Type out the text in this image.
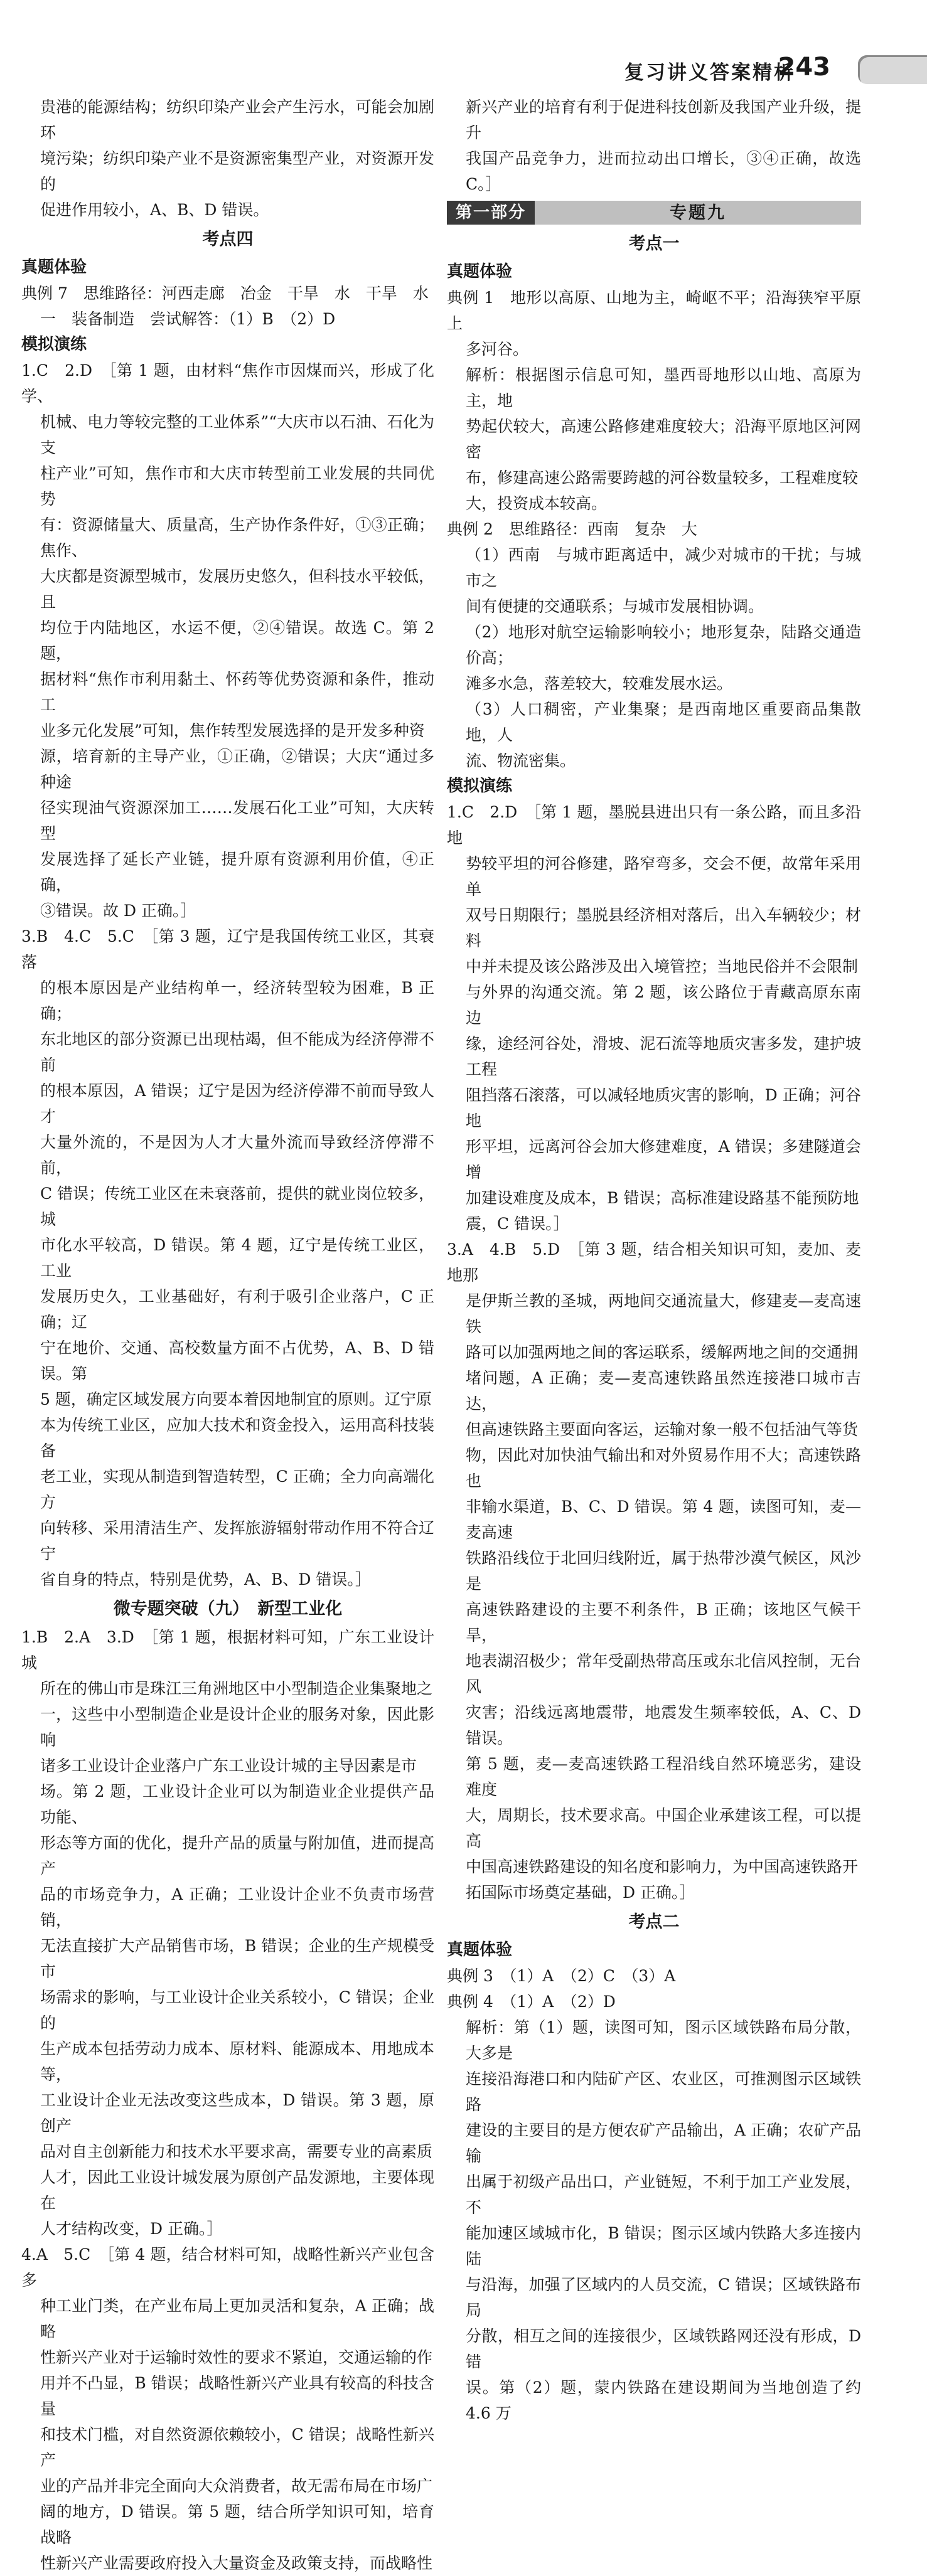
复习讲义答案精析
243

贵港的能源结构；纺织印染产业会产生污水，可能会加剧环

境污染；纺织印染产业不是资源密集型产业，对资源开发的

促进作用较小，A、B、D 错误。

考点四

真题体验

典例 7　思维路径：河西走廊　冶金　干旱　水　干旱　水

一　装备制造　尝试解答：（1）B　（2）D

模拟演练

1.C　2.D　［第 1 题，由材料“焦作市因煤而兴，形成了化学、

机械、电力等较完整的工业体系”“大庆市以石油、石化为支

柱产业”可知，焦作市和大庆市转型前工业发展的共同优势

有：资源储量大、质量高，生产协作条件好，①③正确；焦作、

大庆都是资源型城市，发展历史悠久，但科技水平较低，且

均位于内陆地区，水运不便，②④错误。故选 C。第 2 题，

据材料“焦作市利用黏土、怀药等优势资源和条件，推动工

业多元化发展”可知，焦作转型发展选择的是开发多种资

源，培育新的主导产业，①正确，②错误；大庆“通过多种途

径实现油气资源深加工……发展石化工业”可知，大庆转型

发展选择了延长产业链，提升原有资源利用价值，④正确，

③错误。故 D 正确。］

3.B　4.C　5.C　［第 3 题，辽宁是我国传统工业区，其衰落

的根本原因是产业结构单一，经济转型较为困难，B 正确；

东北地区的部分资源已出现枯竭，但不能成为经济停滞不前

的根本原因，A 错误；辽宁是因为经济停滞不前而导致人才

大量外流的，不是因为人才大量外流而导致经济停滞不前，

C 错误；传统工业区在未衰落前，提供的就业岗位较多，城

市化水平较高，D 错误。第 4 题，辽宁是传统工业区，工业

发展历史久，工业基础好，有利于吸引企业落户，C 正确；辽

宁在地价、交通、高校数量方面不占优势，A、B、D 错误。第

5 题，确定区域发展方向要本着因地制宜的原则。辽宁原

本为传统工业区，应加大技术和资金投入，运用高科技装备

老工业，实现从制造到智造转型，C 正确；全力向高端化方

向转移、采用清洁生产、发挥旅游辐射带动作用不符合辽宁

省自身的特点，特别是优势，A、B、D 错误。］

微专题突破（九）　新型工业化

1.B　2.A　3.D　［第 1 题，根据材料可知，广东工业设计城

所在的佛山市是珠江三角洲地区中小型制造企业集聚地之

一，这些中小型制造企业是设计企业的服务对象，因此影响

诸多工业设计企业落户广东工业设计城的主导因素是市

场。第 2 题，工业设计企业可以为制造业企业提供产品功能、

形态等方面的优化，提升产品的质量与附加值，进而提高产

品的市场竞争力，A 正确；工业设计企业不负责市场营销，

无法直接扩大产品销售市场，B 错误；企业的生产规模受市

场需求的影响，与工业设计企业关系较小，C 错误；企业的

生产成本包括劳动力成本、原材料、能源成本、用地成本等，

工业设计企业无法改变这些成本，D 错误。第 3 题，原创产

品对自主创新能力和技术水平要求高，需要专业的高素质

人才，因此工业设计城发展为原创产品发源地，主要体现在

人才结构改变，D 正确。］

4.A　5.C　［第 4 题，结合材料可知，战略性新兴产业包含多

种工业门类，在产业布局上更加灵活和复杂，A 正确；战略

性新兴产业对于运输时效性的要求不紧迫，交通运输的作

用并不凸显，B 错误；战略性新兴产业具有较高的科技含量

和技术门槛，对自然资源依赖较小，C 错误；战略性新兴产

业的产品并非完全面向大众消费者，故无需布局在市场广

阔的地方，D 错误。第 5 题，结合所学知识可知，培育战略

性新兴产业需要政府投入大量资金及政策支持，而战略性

新兴产业的培育有利于促进科技创新及我国产业升级，提升

我国产品竞争力，进而拉动出口增长，③④正确，故选 C。］

第一部分	专题九

考点一

真题体验

典例 1　地形以高原、山地为主，崎岖不平；沿海狭窄平原上

多河谷。

解析：根据图示信息可知，墨西哥地形以山地、高原为主，地

势起伏较大，高速公路修建难度较大；沿海平原地区河网密

布，修建高速公路需要跨越的河谷数量较多，工程难度较

大，投资成本较高。

典例 2　思维路径：西南　复杂　大

（1）西南　与城市距离适中，减少对城市的干扰；与城市之

间有便捷的交通联系；与城市发展相协调。

（2）地形对航空运输影响较小；地形复杂，陆路交通造价高；

滩多水急，落差较大，较难发展水运。

（3）人口稠密，产业集聚；是西南地区重要商品集散地，人

流、物流密集。

模拟演练

1.C　2.D　［第 1 题，墨脱县进出只有一条公路，而且多沿地

势较平坦的河谷修建，路窄弯多，交会不便，故常年采用单

双号日期限行；墨脱县经济相对落后，出入车辆较少；材料

中并未提及该公路涉及出入境管控；当地民俗并不会限制

与外界的沟通交流。第 2 题，该公路位于青藏高原东南边

缘，途经河谷处，滑坡、泥石流等地质灾害多发，建护坡工程

阻挡落石滚落，可以减轻地质灾害的影响，D 正确；河谷地

形平坦，远离河谷会加大修建难度，A 错误；多建隧道会增

加建设难度及成本，B 错误；高标准建设路基不能预防地

震，C 错误。］

3.A　4.B　5.D　［第 3 题，结合相关知识可知，麦加、麦地那

是伊斯兰教的圣城，两地间交通流量大，修建麦—麦高速铁

路可以加强两地之间的客运联系，缓解两地之间的交通拥

堵问题，A 正确；麦—麦高速铁路虽然连接港口城市吉达，

但高速铁路主要面向客运，运输对象一般不包括油气等货

物，因此对加快油气输出和对外贸易作用不大；高速铁路也

非输水渠道，B、C、D 错误。第 4 题，读图可知，麦—麦高速

铁路沿线位于北回归线附近，属于热带沙漠气候区，风沙是

高速铁路建设的主要不利条件，B 正确；该地区气候干旱，

地表湖沼极少；常年受副热带高压或东北信风控制，无台风

灾害；沿线远离地震带，地震发生频率较低，A、C、D 错误。

第 5 题，麦—麦高速铁路工程沿线自然环境恶劣，建设难度

大，周期长，技术要求高。中国企业承建该工程，可以提高

中国高速铁路建设的知名度和影响力，为中国高速铁路开

拓国际市场奠定基础，D 正确。］

考点二

真题体验

典例 3　（1）A　（2）C　（3）A

典例 4　（1）A　（2）D

解析：第（1）题，读图可知，图示区域铁路布局分散，大多是

连接沿海港口和内陆矿产区、农业区，可推测图示区域铁路

建设的主要目的是方便农矿产品输出，A 正确；农矿产品输

出属于初级产品出口，产业链短，不利于加工产业发展，不

能加速区域城市化，B 错误；图示区域内铁路大多连接内陆

与沿海，加强了区域内的人员交流，C 错误；区域铁路布局

分散，相互之间的连接很少，区域铁路网还没有形成，D 错

误。第（2）题，蒙内铁路在建设期间为当地创造了约 4.6 万
